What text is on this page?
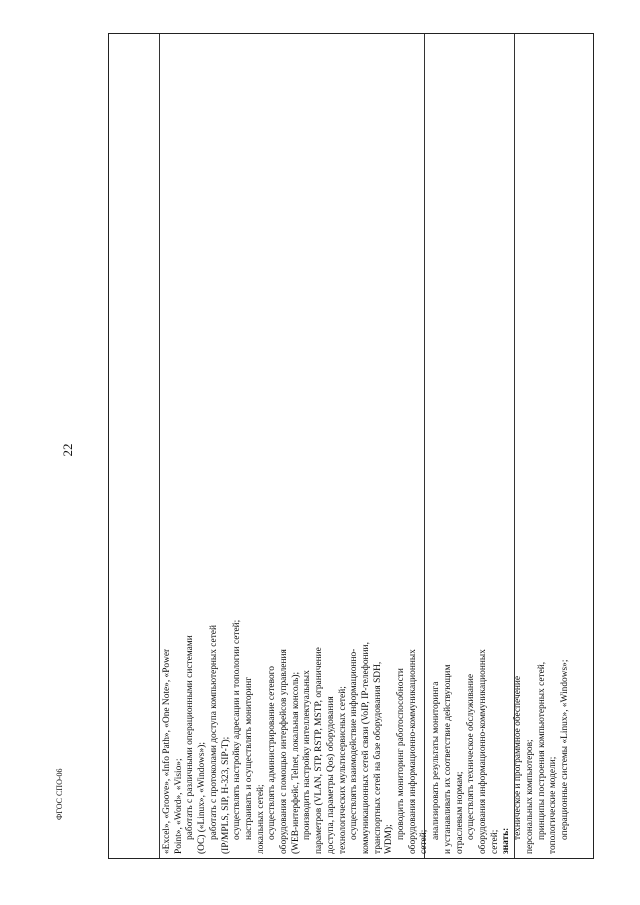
22
«Excel», «Groove», «Info Path», «One Note», «Power Point», «Word», «Visio»; работать с различными операционными системами (ОС) («Linux», «Windows»); работать с протоколами доступа компьютерных сетей (IP/MPLS, SIP, H-323, SIP-T); осуществлять настройку адресации и топологии сетей; настраивать и осуществлять мониторинг локальных сетей; осуществлять администрирование сетевого оборудования с помощью интерфейсов управления (WEB-интерфейс, Telnet, локальная консоль); производить настройку интеллектуальных параметров (VLAN, STP, RSTP, MSTP, ограничение доступа, параметры Qos) оборудования технологических мультисервисных сетей; осуществлять взаимодействие информационно- коммуникационных сетей связи (VoIP, IP-телефонии, транспортных сетей на базе оборудования SDH, WDM); проводить мониторинг работоспособности оборудования информационно-коммуникационных сетей;
анализировать результаты мониторинга и устанавливать их соответствие действующим отраслевым нормам; осуществлять техническое обслуживание оборудования информационно-коммуникационных сетей; знать:
техническое и программное обеспечение персональных компьютеров; принципы построения компьютерных сетей, топологические модели; операционные системы «Linux», «Windows»;
ФГОС СПО-06
